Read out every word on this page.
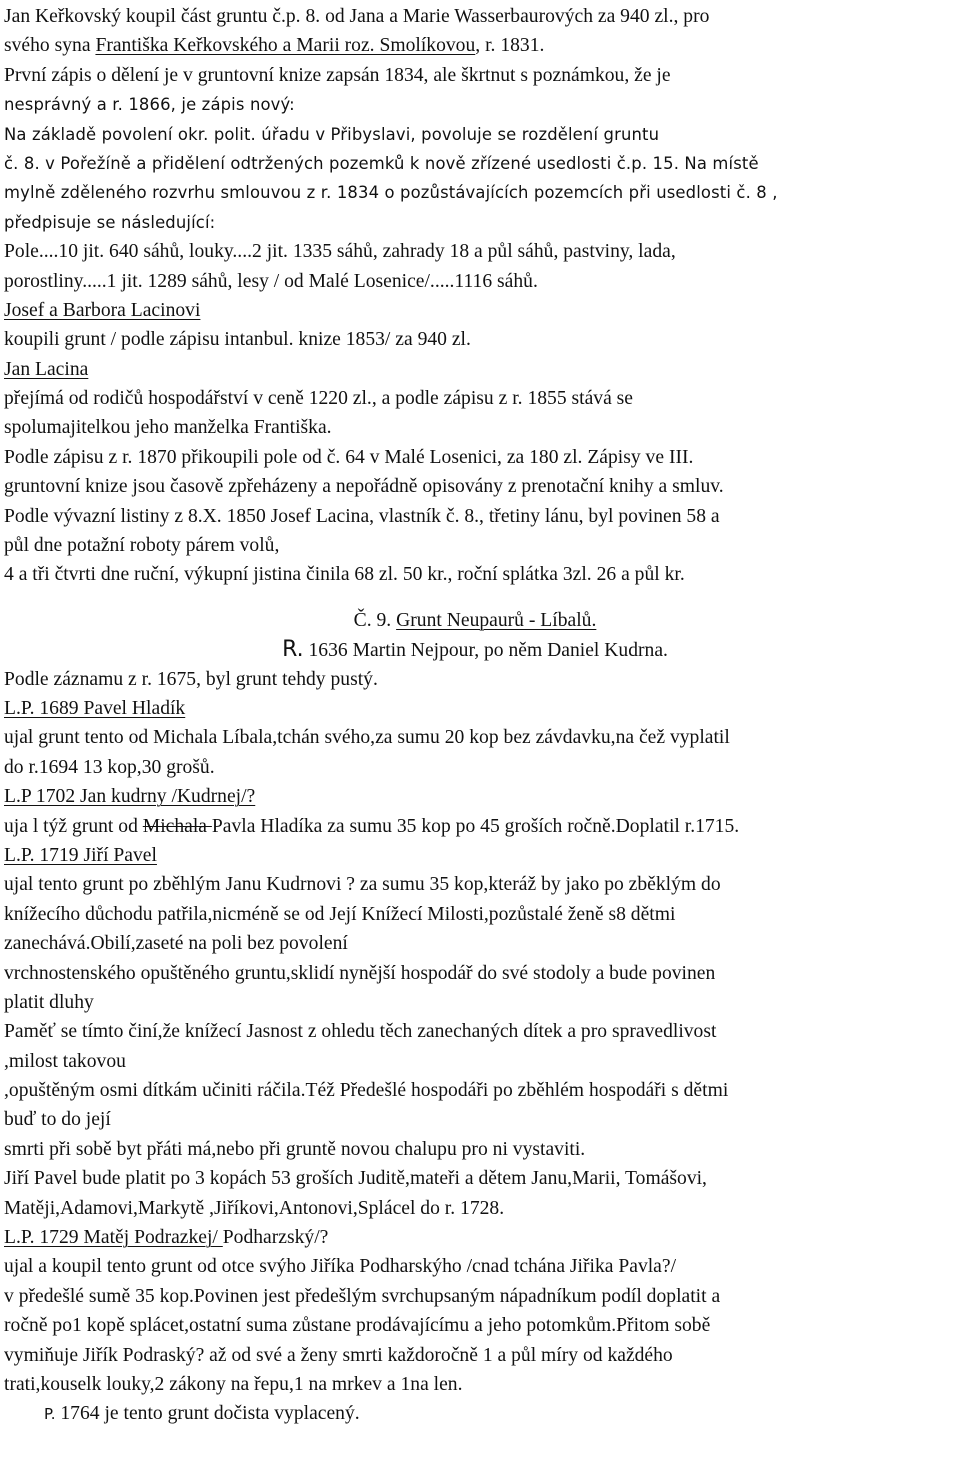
Jan Keřkovský koupil část gruntu č.p. 8. od Jana a Marie Wasserbaurových za 940 zl., pro
svého syna Františka Keřkovského a Marii roz. Smolíkovou, r. 1831.
První zápis o dělení je v gruntovní knize zapsán 1834, ale škrtnut s poznámkou, že je
nesprávný a r. 1866, je zápis nový:
Na základě povolení okr. polit. úřadu v Přibyslavi, povoluje se rozdělení gruntu
č. 8. v Pořežíně a přidělení odtržených pozemků k nově zřízené usedlosti č.p. 15. Na místě
mylně zděleného rozvrhu smlouvou z r. 1834 o pozůstávajících pozemcích při usedlosti č. 8 ,
předpisuje se následující:
Pole....10 jit. 640 sáhů, louky....2 jit. 1335 sáhů, zahrady 18 a půl sáhů, pastviny, lada,
porostliny.....1 jit. 1289 sáhů, lesy / od Malé Losenice/.....1116 sáhů.
Josef a Barbora Lacinovi
koupili grunt / podle zápisu intanbul. knize 1853/ za 940 zl.
Jan Lacina
přejímá od rodičů hospodářství v ceně 1220 zl., a podle zápisu z r. 1855 stává se
spolumajitelkou jeho manželka Františka.
Podle zápisu z r. 1870 přikoupili pole od č. 64 v Malé Losenici, za 180 zl. Zápisy ve III.
gruntovní knize jsou časově zpřeházeny a nepořádně opisovány z prenotační knihy a smluv.
Podle vývazní listiny z 8.X. 1850 Josef Lacina, vlastník č. 8., třetiny lánu, byl povinen 58 a
půl dne potažní roboty párem volů,
4 a tři čtvrti dne ruční, výkupní jistina činila 68 zl. 50 kr., roční splátka 3zl. 26 a půl kr.
Č. 9. Grunt Neupaurů - Líbalů.
R. 1636 Martin Nejpour, po něm Daniel Kudrna.
Podle záznamu z r. 1675, byl grunt tehdy pustý.
L.P. 1689 Pavel Hladík
ujal grunt tento od Michala Líbala,tchán svého,za sumu 20 kop bez závdavku,na čež vyplatil
do r.1694 13 kop,30 grošů.
L.P 1702 Jan kudrny /Kudrnej/?
uja l týž grunt od Michala Pavla Hladíka za sumu 35 kop po 45 groších ročně.Doplatil r.1715.
L.P. 1719 Jiří Pavel
ujal tento grunt po zběhlým Janu Kudrnovi ? za sumu 35 kop,kteráž by jako po zběklým do
knížecího důchodu patřila,nicméně se od Její Knížecí Milosti,pozůstalé ženě s8 dětmi
zanechává.Obilí,zaseté na poli bez povolení
vrchnostenského opuštěného gruntu,sklidí nynější hospodář do své stodoly a bude povinen
platit dluhy
Paměť se tímto činí,že knížecí Jasnost z ohledu těch zanechaných dítek a pro spravedlivost
,milost takovou
,opuštěným osmi dítkám učiniti ráčila.Též Předešlé hospodáři po zběhlém hospodáři s dětmi
buď to do její
smrti při sobě byt přáti má,nebo při gruntě novou chalupu pro ni vystaviti.
Jiří Pavel bude platit po 3 kopách 53 groších Juditě,mateři a dětem Janu,Marii, Tomášovi,
Matěji,Adamovi,Markytě ,Jiříkovi,Antonovi,Splácel do r. 1728.
L.P. 1729 Matěj Podrazkej/ Podharzský/?
ujal a koupil tento grunt od otce svýho Jiříka Podharskýho /cnad tchána Jiřika Pavla?/
v předešlé sumě 35 kop.Povinen jest předešlým svrchupsaným nápadníkum podíl doplatit a
ročně po1 kopě splácet,ostatní suma zůstane prodávajícímu a jeho potomkům.Přitom sobě
vymiňuje Jiřík Podraský? až od své a ženy smrti každoročně 1 a půl míry od každého
trati,kouselk louky,2 zákony na řepu,1 na mrkev a 1na len.
P. 1764 je tento grunt dočista vyplacený.
